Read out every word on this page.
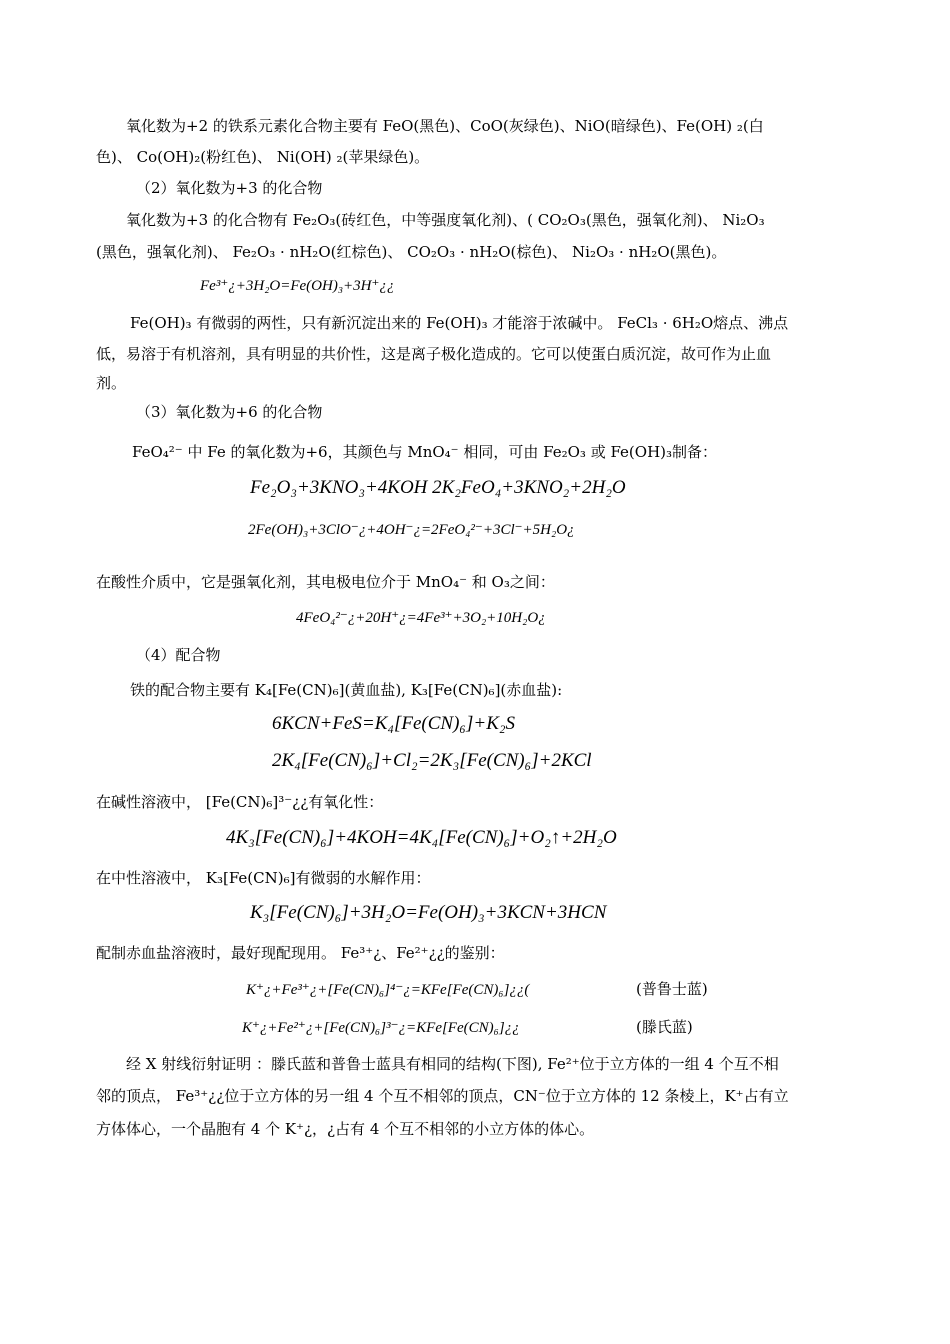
氧化数为+2 的铁系元素化合物主要有 FeO(黑色)、CoO(灰绿色)、NiO(暗绿色)、Fe(OH) ₂(白
色)、 Co(OH)₂(粉红色)、 Ni(OH) ₂(苹果绿色)。
（2）氧化数为+3 的化合物
氧化数为+3 的化合物有 Fe₂O₃(砖红色，中等强度氧化剂)、( CO₂O₃(黑色，强氧化剂)、 Ni₂O₃
(黑色，强氧化剂)、 Fe₂O₃ · nH₂O(红棕色)、 CO₂O₃ · nH₂O(棕色)、 Ni₂O₃ · nH₂O(黑色)。
Fe³⁺¿+3H₂O=Fe(OH)₃+3H⁺¿¿
Fe(OH)₃ 有微弱的两性，只有新沉淀出来的 Fe(OH)₃ 才能溶于浓碱中。 FeCl₃ · 6H₂O熔点、沸点
低，易溶于有机溶剂，具有明显的共价性，这是离子极化造成的。它可以使蛋白质沉淀，故可作为止血
剂。
（3）氧化数为+6 的化合物
FeO₄²⁻ 中 Fe 的氧化数为+6，其颜色与 MnO₄⁻ 相同，可由 Fe₂O₃ 或 Fe(OH)₃制备：
Fe₂O₃+3KNO₃+4KOH 2K₂FeO₄+3KNO₂+2H₂O
2Fe(OH)₃+3ClO⁻¿+4OH⁻¿=2FeO₄²⁻+3Cl⁻+5H₂O¿
在酸性介质中，它是强氧化剂，其电极电位介于 MnO₄⁻ 和 O₃之间：
4FeO₄²⁻¿+20H⁺¿=4Fe³⁺+3O₂+10H₂O¿
（4）配合物
铁的配合物主要有 K₄[Fe(CN)₆](黄血盐), K₃[Fe(CN)₆](赤血盐):
6KCN+FeS=K₄[Fe(CN)₆]+K₂S
2K₄[Fe(CN)₆]+Cl₂=2K₃[Fe(CN)₆]+2KCl
在碱性溶液中， [Fe(CN)₆]³⁻¿¿有氧化性：
4K₃[Fe(CN)₆]+4KOH=4K₄[Fe(CN)₆]+O₂↑+2H₂O
在中性溶液中， K₃[Fe(CN)₆]有微弱的水解作用：
K₃[Fe(CN)₆]+3H₂O=Fe(OH)₃+3KCN+3HCN
配制赤血盐溶液时，最好现配现用。 Fe³⁺¿、Fe²⁺¿¿的鉴别：
K⁺¿+Fe³⁺¿+[Fe(CN)₆]⁴⁻¿=KFe[Fe(CN)₆]¿¿(	(普鲁士蓝)
K⁺¿+Fe²⁺¿+[Fe(CN)₆]³⁻¿=KFe[Fe(CN)₆]¿¿	(滕氏蓝)
经 X 射线衍射证明 ：滕氏蓝和普鲁士蓝具有相同的结构(下图), Fe²⁺位于立方体的一组 4 个互不相
邻的顶点， Fe³⁺¿¿位于立方体的另一组 4 个互不相邻的顶点，CN⁻位于立方体的 12 条棱上，K⁺占有立
方体体心，一个晶胞有 4 个 K⁺¿，¿占有 4 个互不相邻的小立方体的体心。
